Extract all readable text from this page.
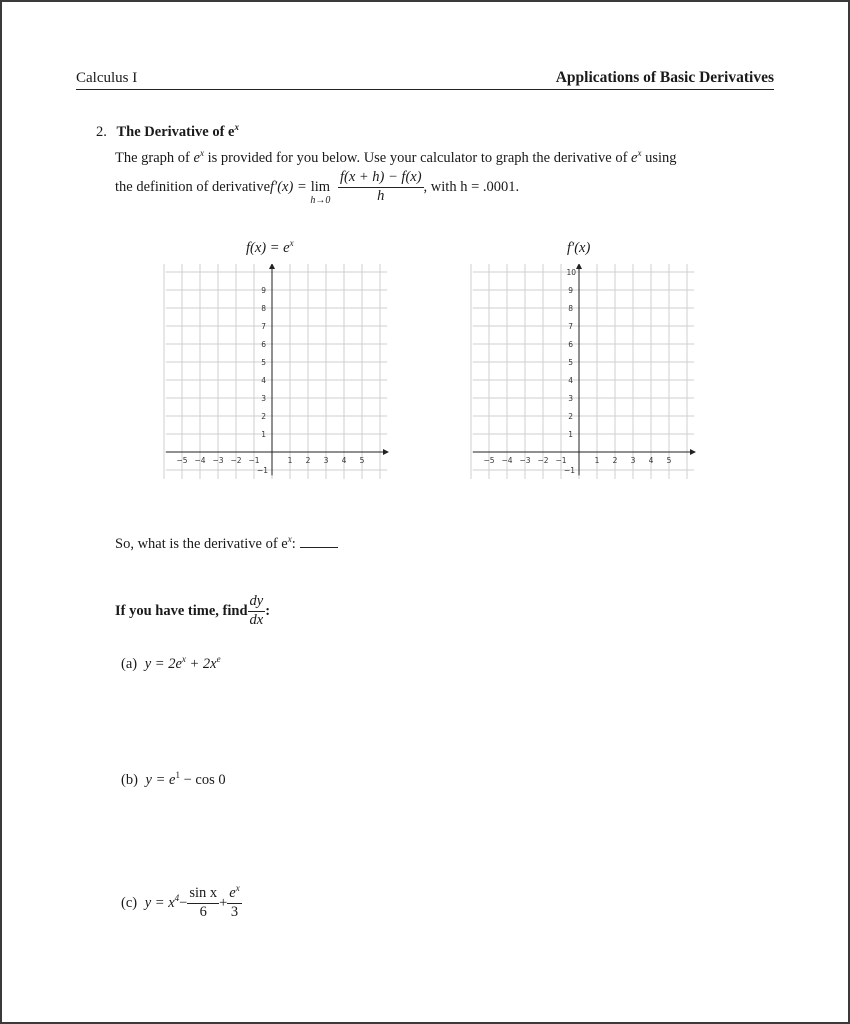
Calculus I	Applications of Basic Derivatives
2. The Derivative of $e^x$
The graph of $e^x$ is provided for you below. Use your calculator to graph the derivative of $e^x$ using
the definition of derivativef′(x) = lim
h→0
$\frac{f(x + h) - f(x)}{h}$ , with h = .0001.
$f(x) = e^x$
9
8
7
6
5
4
3
2
1
−5 −4 −3 −2 −1	1 2 3 4 5
−1
f′(x)
9
8
7
6
5
4
3
2
1
10
−5 −4 −3 −2 −1	1 2 3 4 5
−1
So, what is the derivative of $e^x$:
If you have time, find $\frac{dy}{dx}$ :
(a) $y = 2e^x + 2x^e$
(b) $y = e^1 - \cos 0$
(c) $y = x^4- \frac{\text{sin x}}{6} + \frac{e^x}{3}$
